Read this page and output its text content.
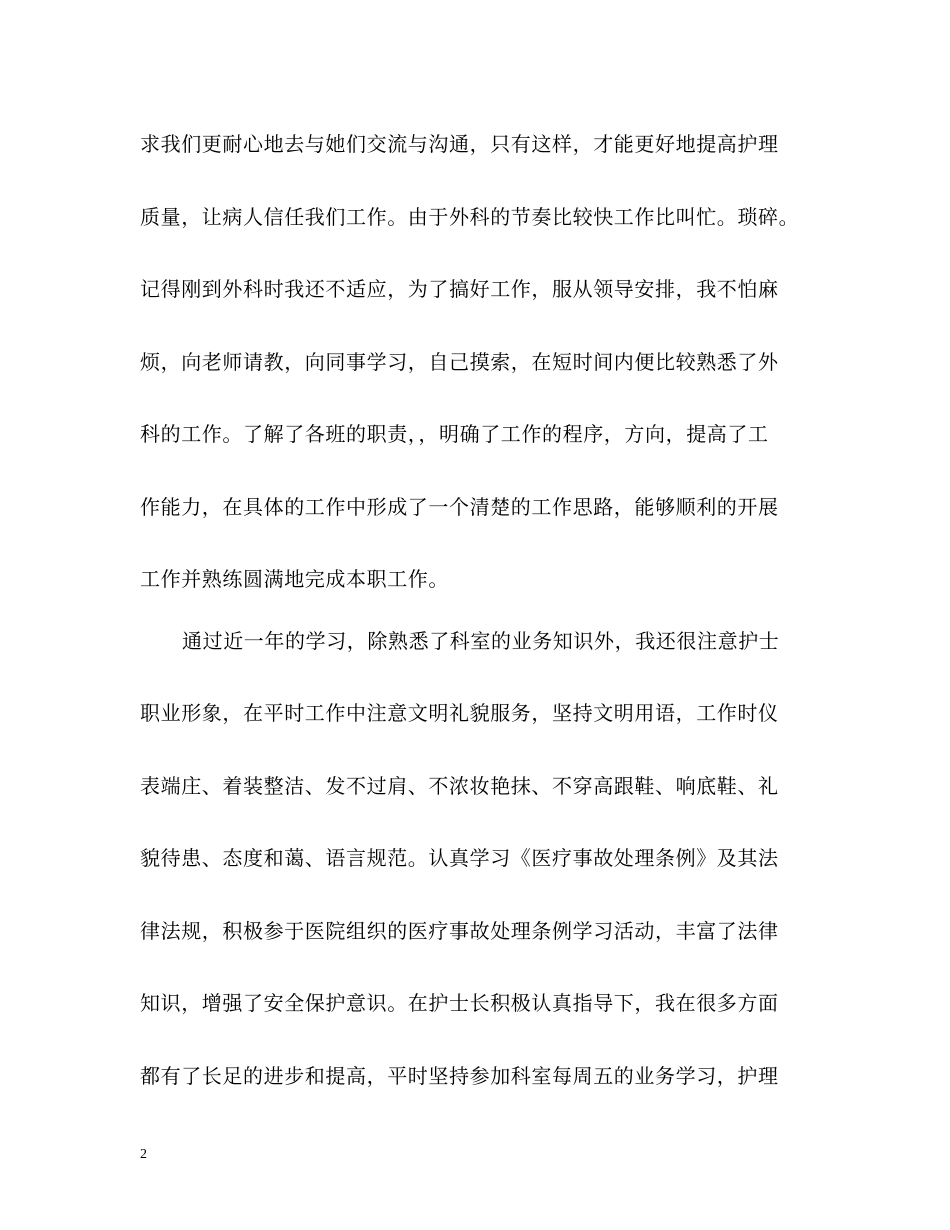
求我们更耐心地去与她们交流与沟通，只有这样，才能更好地提高护理
质量，让病人信任我们工作。由于外科的节奏比较快工作比叫忙。琐碎。
记得刚到外科时我还不适应，为了搞好工作，服从领导安排，我不怕麻
烦，向老师请教，向同事学习，自己摸索，在短时间内便比较熟悉了外
科的工作。了解了各班的职责，，明确了工作的程序，方向，提高了工
作能力，在具体的工作中形成了一个清楚的工作思路，能够顺利的开展
工作并熟练圆满地完成本职工作。
通过近一年的学习，除熟悉了科室的业务知识外，我还很注意护士
职业形象，在平时工作中注意文明礼貌服务，坚持文明用语，工作时仪
表端庄、着装整洁、发不过肩、不浓妆艳抹、不穿高跟鞋、响底鞋、礼
貌待患、态度和蔼、语言规范。认真学习《医疗事故处理条例》及其法
律法规，积极参于医院组织的医疗事故处理条例学习活动，丰富了法律
知识，增强了安全保护意识。在护士长积极认真指导下，我在很多方面
都有了长足的进步和提高，平时坚持参加科室每周五的业务学习，护理
2
